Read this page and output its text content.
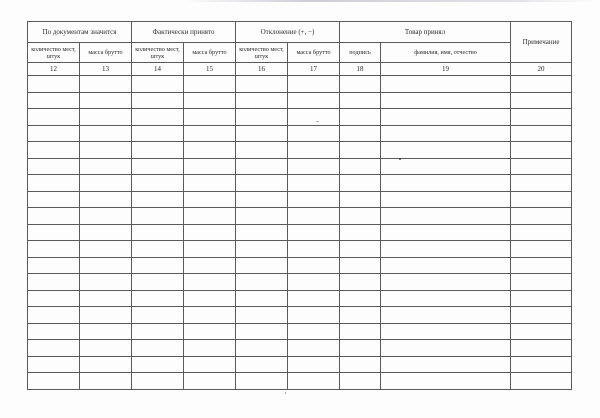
По документам значится		Фактически принято		Отклонение (+, −)		Товар принял		Примечание
количество мест, штук	масса брутто	количество мест, штук	масса брутто	количество мест, штук	масса брутто	подпись	фамилия, имя, отчество	
12	13	14	15	16	17	18	19	20
